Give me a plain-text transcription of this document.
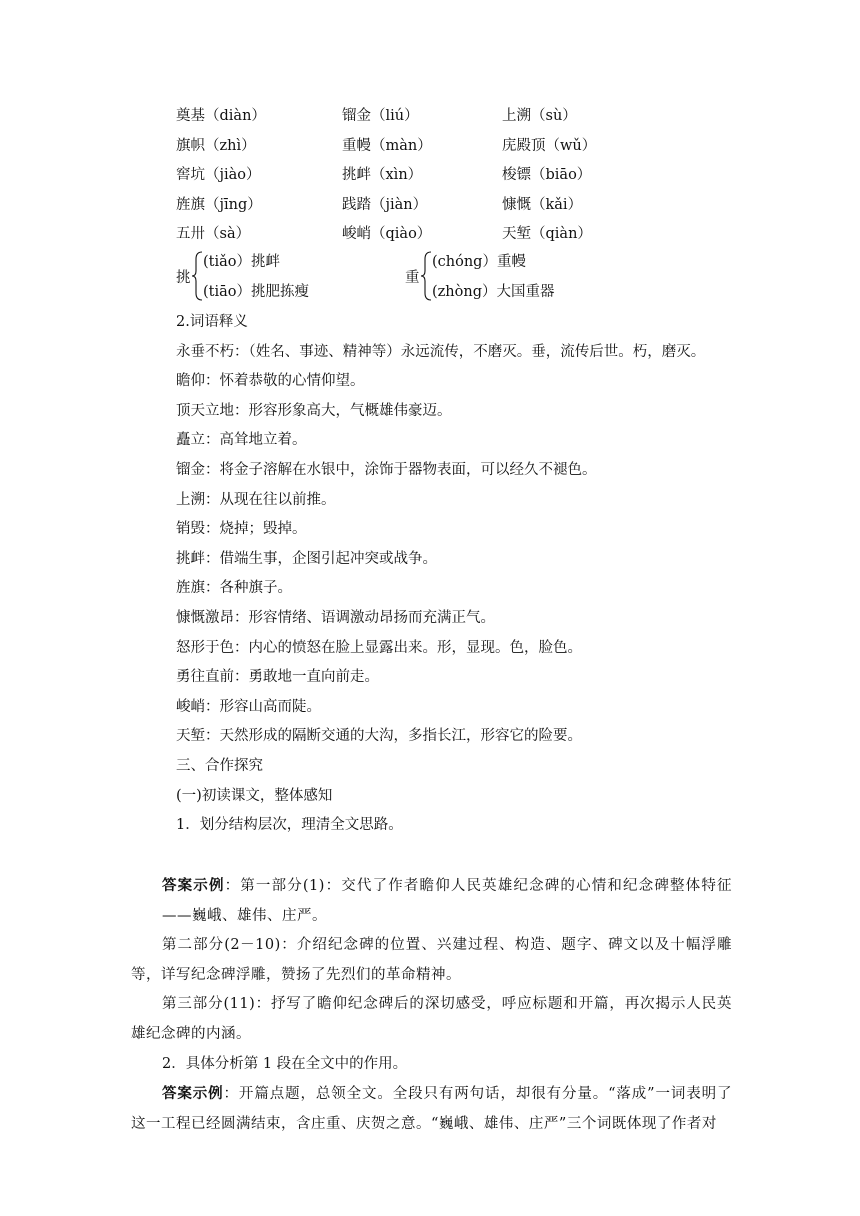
奠基（diàn）	镏金（liú）	上溯（sù）
旗帜（zhì）	重幔（màn）	庑殿顶（wǔ）
窖坑（jiào）	挑衅（xìn）	梭镖（biāo）
旌旗（jīng）	践踏（jiàn）	慷慨（kǎi）
五卅（sà）	峻峭（qiào）	天堑（qiàn）
挑
(tiǎo）挑衅
(tiāo）挑肥拣瘦
重
(chóng）重幔
(zhòng）大国重器

2.词语释义

永垂不朽：（姓名、事迹、精神等）永远流传，不磨灭。垂，流传后世。朽，磨灭。

瞻仰：怀着恭敬的心情仰望。

顶天立地：形容形象高大，气概雄伟豪迈。

矗立：高耸地立着。

镏金：将金子溶解在水银中，涂饰于器物表面，可以经久不褪色。

上溯：从现在往以前推。

销毁：烧掉；毁掉。

挑衅：借端生事，企图引起冲突或战争。

旌旗：各种旗子。

慷慨激昂：形容情绪、语调激动昂扬而充满正气。

怒形于色：内心的愤怒在脸上显露出来。形，显现。色，脸色。

勇往直前：勇敢地一直向前走。

峻峭：形容山高而陡。

天堑：天然形成的隔断交通的大沟，多指长江，形容它的险要。

三、合作探究

(一)初读课文，整体感知

1．划分结构层次，理清全文思路。

答案示例：第一部分(1)：交代了作者瞻仰人民英雄纪念碑的心情和纪念碑整体特征——巍峨、雄伟、庄严。

第二部分(2－10)：介绍纪念碑的位置、兴建过程、构造、题字、碑文以及十幅浮雕等，详写纪念碑浮雕，赞扬了先烈们的革命精神。

第三部分(11)：抒写了瞻仰纪念碑后的深切感受，呼应标题和开篇，再次揭示人民英雄纪念碑的内涵。

2．具体分析第 1 段在全文中的作用。

答案示例：开篇点题，总领全文。全段只有两句话，却很有分量。“落成”一词表明了这一工程已经圆满结束，含庄重、庆贺之意。“巍峨、雄伟、庄严”三个词既体现了作者对
